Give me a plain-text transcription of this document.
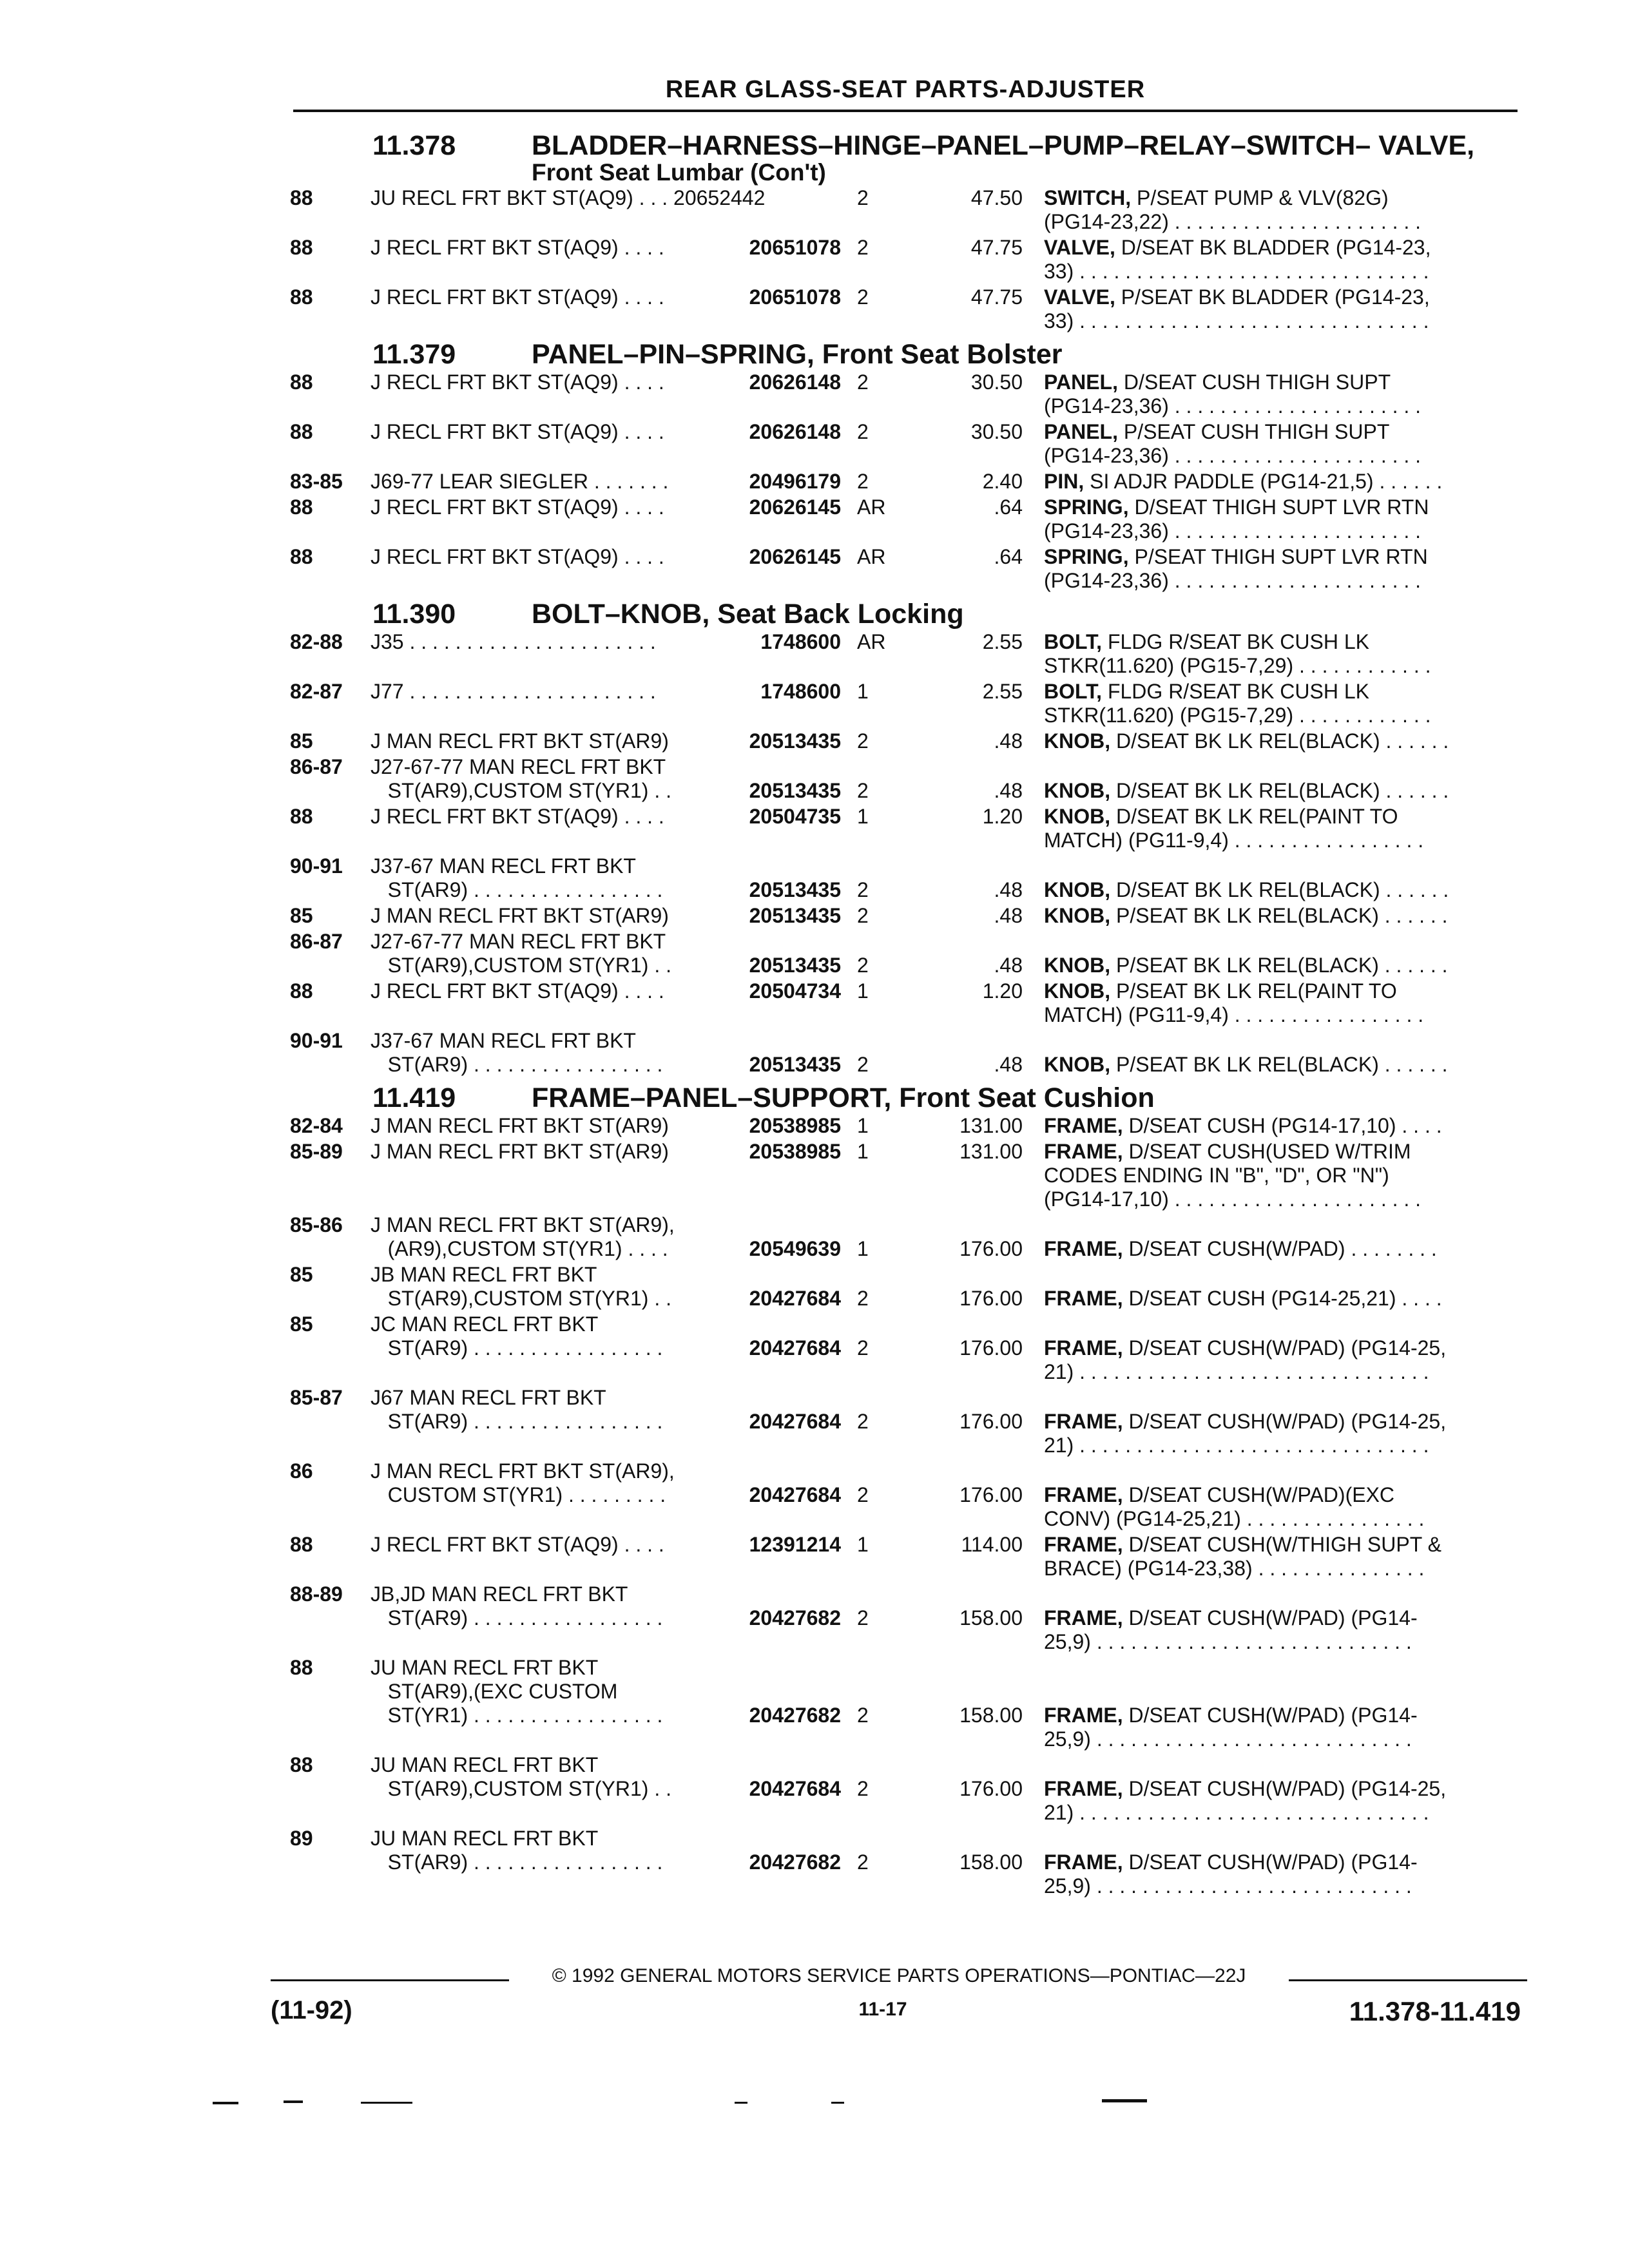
REAR GLASS-SEAT PARTS-ADJUSTER
11.378	BLADDER–HARNESS–HINGE–PANEL–PUMP–RELAY–SWITCH– VALVE,
Front Seat Lumbar (Con't)
88	JU RECL FRT BKT ST(AQ9) . . . 20652442	2	47.50 SWITCH, P/SEAT PUMP & VLV(82G)
(PG14-23,22) . . . . . . . . . . . . . . . . . . . . . .
88	J RECL FRT BKT ST(AQ9) . . . .	20651078 2	47.75 VALVE, D/SEAT BK BLADDER (PG14-23,
33) . . . . . . . . . . . . . . . . . . . . . . . . . . . . . . .
88	J RECL FRT BKT ST(AQ9) . . . .	20651078 2	47.75 VALVE, P/SEAT BK BLADDER (PG14-23,
33) . . . . . . . . . . . . . . . . . . . . . . . . . . . . . . .
11.379	PANEL–PIN–SPRING, Front Seat Bolster
88	J RECL FRT BKT ST(AQ9) . . . .	20626148 2	30.50 PANEL, D/SEAT CUSH THIGH SUPT
(PG14-23,36) . . . . . . . . . . . . . . . . . . . . . .
88	J RECL FRT BKT ST(AQ9) . . . .	20626148 2	30.50 PANEL, P/SEAT CUSH THIGH SUPT
(PG14-23,36) . . . . . . . . . . . . . . . . . . . . . .
83-85	J69-77 LEAR SIEGLER . . . . . . .	20496179 2	2.40 PIN, SI ADJR PADDLE (PG14-21,5) . . . . . .
88	J RECL FRT BKT ST(AQ9) . . . .	20626145 AR	.64 SPRING, D/SEAT THIGH SUPT LVR RTN
(PG14-23,36) . . . . . . . . . . . . . . . . . . . . . .
88	J RECL FRT BKT ST(AQ9) . . . .	20626145 AR	.64 SPRING, P/SEAT THIGH SUPT LVR RTN
(PG14-23,36) . . . . . . . . . . . . . . . . . . . . . .
11.390	BOLT–KNOB, Seat Back Locking
82-88	J35 . . . . . . . . . . . . . . . . . . . . . .	1748600 AR	2.55 BOLT, FLDG R/SEAT BK CUSH LK
STKR(11.620) (PG15-7,29) . . . . . . . . . . . .
82-87	J77 . . . . . . . . . . . . . . . . . . . . . .	1748600 1	2.55 BOLT, FLDG R/SEAT BK CUSH LK
STKR(11.620) (PG15-7,29) . . . . . . . . . . . .
85	J MAN RECL FRT BKT ST(AR9)	20513435 2	.48 KNOB, D/SEAT BK LK REL(BLACK) . . . . . .
86-87	J27-67-77 MAN RECL FRT BKT
ST(AR9),CUSTOM ST(YR1) . .	20513435 2	.48 KNOB, D/SEAT BK LK REL(BLACK) . . . . . .
88	J RECL FRT BKT ST(AQ9) . . . .	20504735 1	1.20 KNOB, D/SEAT BK LK REL(PAINT TO
MATCH) (PG11-9,4) . . . . . . . . . . . . . . . . .
90-91	J37-67 MAN RECL FRT BKT
ST(AR9) . . . . . . . . . . . . . . . . .	20513435 2	.48 KNOB, D/SEAT BK LK REL(BLACK) . . . . . .
85	J MAN RECL FRT BKT ST(AR9)	20513435 2	.48 KNOB, P/SEAT BK LK REL(BLACK) . . . . . .
86-87	J27-67-77 MAN RECL FRT BKT
ST(AR9),CUSTOM ST(YR1) . .	20513435 2	.48 KNOB, P/SEAT BK LK REL(BLACK) . . . . . .
88	J RECL FRT BKT ST(AQ9) . . . .	20504734 1	1.20 KNOB, P/SEAT BK LK REL(PAINT TO
MATCH) (PG11-9,4) . . . . . . . . . . . . . . . . .
90-91	J37-67 MAN RECL FRT BKT
ST(AR9) . . . . . . . . . . . . . . . . .	20513435 2	.48 KNOB, P/SEAT BK LK REL(BLACK) . . . . . .
11.419	FRAME–PANEL–SUPPORT, Front Seat Cushion
82-84	J MAN RECL FRT BKT ST(AR9)	20538985 1	131.00 FRAME, D/SEAT CUSH (PG14-17,10) . . . .
85-89	J MAN RECL FRT BKT ST(AR9)	20538985 1	131.00 FRAME, D/SEAT CUSH(USED W/TRIM
CODES ENDING IN "B", "D", OR "N")
(PG14-17,10) . . . . . . . . . . . . . . . . . . . . . .
85-86	J MAN RECL FRT BKT ST(AR9),
(AR9),CUSTOM ST(YR1) . . . .	20549639 1	176.00 FRAME, D/SEAT CUSH(W/PAD) . . . . . . . .
85	JB MAN RECL FRT BKT
ST(AR9),CUSTOM ST(YR1) . .	20427684 2	176.00 FRAME, D/SEAT CUSH (PG14-25,21) . . . .
85	JC MAN RECL FRT BKT
ST(AR9) . . . . . . . . . . . . . . . . .	20427684 2	176.00 FRAME, D/SEAT CUSH(W/PAD) (PG14-25,
21) . . . . . . . . . . . . . . . . . . . . . . . . . . . . . . .
85-87	J67 MAN RECL FRT BKT
ST(AR9) . . . . . . . . . . . . . . . . .	20427684 2	176.00 FRAME, D/SEAT CUSH(W/PAD) (PG14-25,
21) . . . . . . . . . . . . . . . . . . . . . . . . . . . . . . .
86	J MAN RECL FRT BKT ST(AR9),
CUSTOM ST(YR1) . . . . . . . . .	20427684 2	176.00 FRAME, D/SEAT CUSH(W/PAD)(EXC
CONV) (PG14-25,21) . . . . . . . . . . . . . . . .
88	J RECL FRT BKT ST(AQ9) . . . .	12391214 1	114.00 FRAME, D/SEAT CUSH(W/THIGH SUPT &
BRACE) (PG14-23,38) . . . . . . . . . . . . . . .
88-89	JB,JD MAN RECL FRT BKT
ST(AR9) . . . . . . . . . . . . . . . . .	20427682 2	158.00 FRAME, D/SEAT CUSH(W/PAD) (PG14-
25,9) . . . . . . . . . . . . . . . . . . . . . . . . . . . .
88	JU MAN RECL FRT BKT
ST(AR9),(EXC CUSTOM
ST(YR1) . . . . . . . . . . . . . . . . .	20427682 2	158.00 FRAME, D/SEAT CUSH(W/PAD) (PG14-
25,9) . . . . . . . . . . . . . . . . . . . . . . . . . . . .
88	JU MAN RECL FRT BKT
ST(AR9),CUSTOM ST(YR1) . .	20427684 2	176.00 FRAME, D/SEAT CUSH(W/PAD) (PG14-25,
21) . . . . . . . . . . . . . . . . . . . . . . . . . . . . . . .
89	JU MAN RECL FRT BKT
ST(AR9) . . . . . . . . . . . . . . . . .	20427682 2	158.00 FRAME, D/SEAT CUSH(W/PAD) (PG14-
25,9) . . . . . . . . . . . . . . . . . . . . . . . . . . . .
© 1992 GENERAL MOTORS SERVICE PARTS OPERATIONS—PONTIAC—22J
(11-92)	11-17	11.378-11.419
